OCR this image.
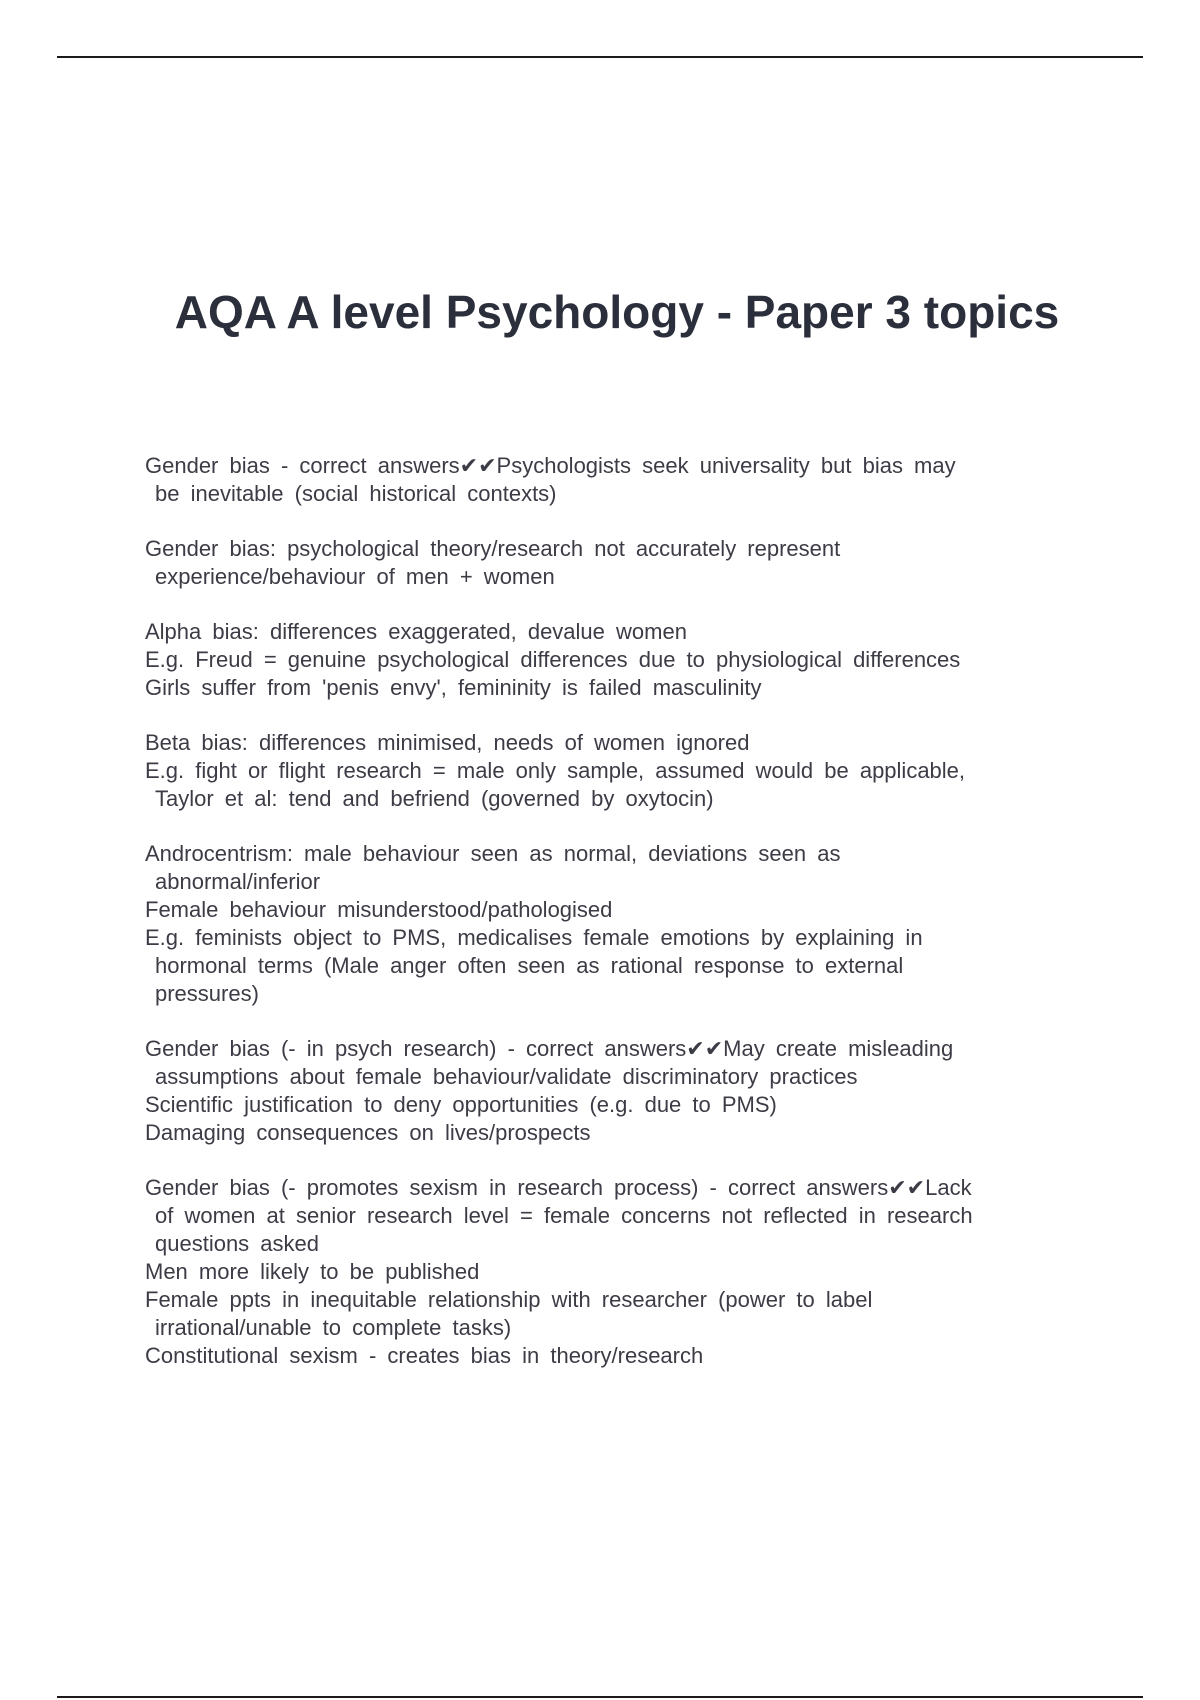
AQA A level Psychology - Paper 3 topics
Gender bias - correct answers✔✔Psychologists seek universality but bias may
be inevitable (social historical contexts)
Gender bias: psychological theory/research not accurately represent
experience/behaviour of men + women
Alpha bias: differences exaggerated, devalue women
E.g. Freud = genuine psychological differences due to physiological differences
Girls suffer from 'penis envy', femininity is failed masculinity
Beta bias: differences minimised, needs of women ignored
E.g. fight or flight research = male only sample, assumed would be applicable,
Taylor et al: tend and befriend (governed by oxytocin)
Androcentrism: male behaviour seen as normal, deviations seen as
abnormal/inferior
Female behaviour misunderstood/pathologised
E.g. feminists object to PMS, medicalises female emotions by explaining in
hormonal terms (Male anger often seen as rational response to external
pressures)
Gender bias (- in psych research) - correct answers✔✔May create misleading
assumptions about female behaviour/validate discriminatory practices
Scientific justification to deny opportunities (e.g. due to PMS)
Damaging consequences on lives/prospects
Gender bias (- promotes sexism in research process) - correct answers✔✔Lack
of women at senior research level = female concerns not reflected in research
questions asked
Men more likely to be published
Female ppts in inequitable relationship with researcher (power to label
irrational/unable to complete tasks)
Constitutional sexism - creates bias in theory/research
